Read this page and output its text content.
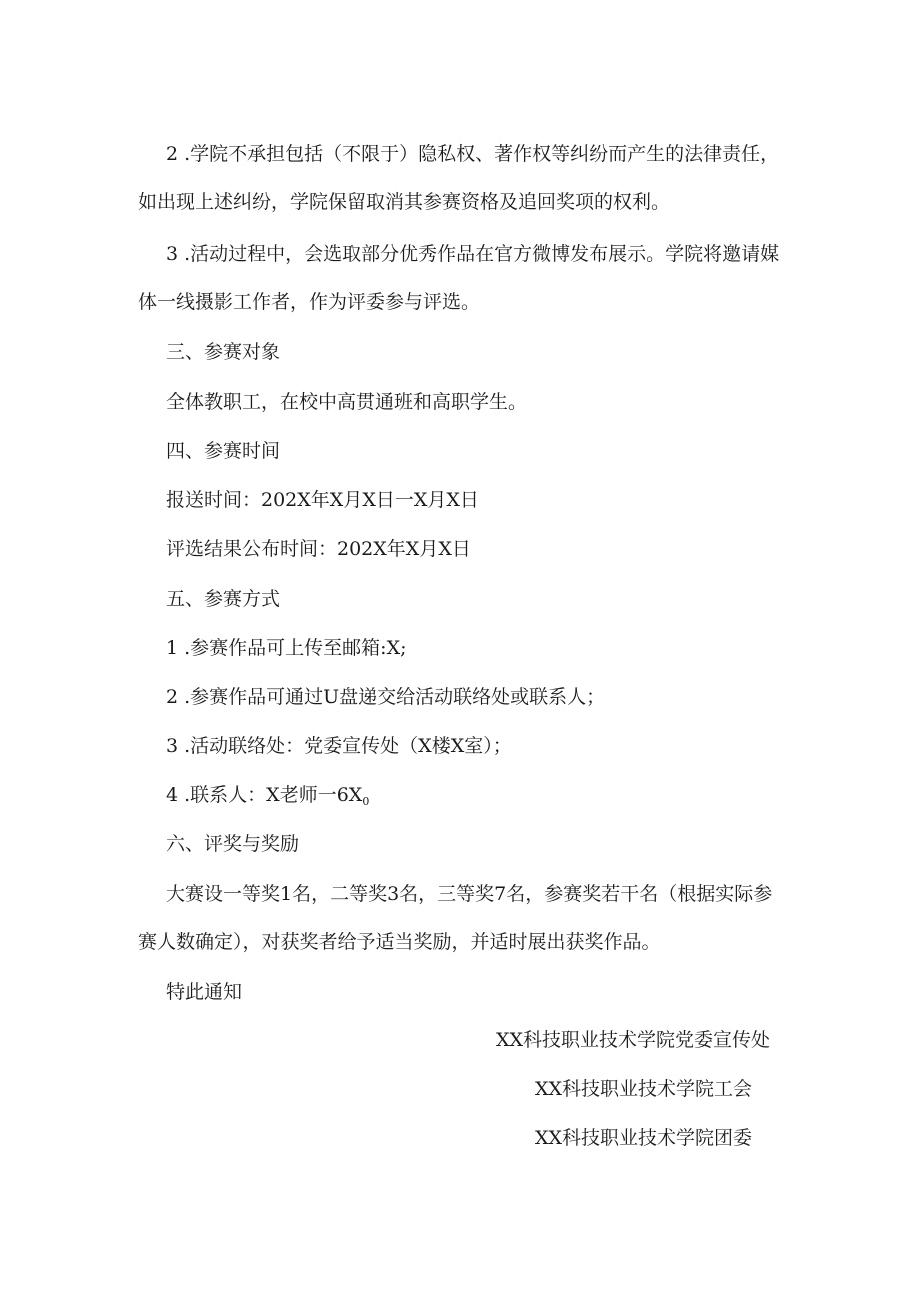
2 .学院不承担包括（不限于）隐私权、著作权等纠纷而产生的法律责任，如出现上述纠纷，学院保留取消其参赛资格及追回奖项的权利。

3 .活动过程中，会选取部分优秀作品在官方微博发布展示。学院将邀请媒体一线摄影工作者，作为评委参与评选。

三、参赛对象

全体教职工，在校中高贯通班和高职学生。

四、参赛时间

报送时间：202X年X月X日一X月X日

评选结果公布时间：202X年X月X日

五、参赛方式

1 .参赛作品可上传至邮箱:X;

2 .参赛作品可通过U盘递交给活动联络处或联系人；

3 .活动联络处：党委宣传处（X楼X室）；

4 .联系人：X老师一$6X_0$

六、评奖与奖励

大赛设一等奖1名，二等奖3名，三等奖7名，参赛奖若干名（根据实际参赛人数确定），对获奖者给予适当奖励，并适时展出获奖作品。

特此通知

XX科技职业技术学院党委宣传处

XX科技职业技术学院工会

XX科技职业技术学院团委
